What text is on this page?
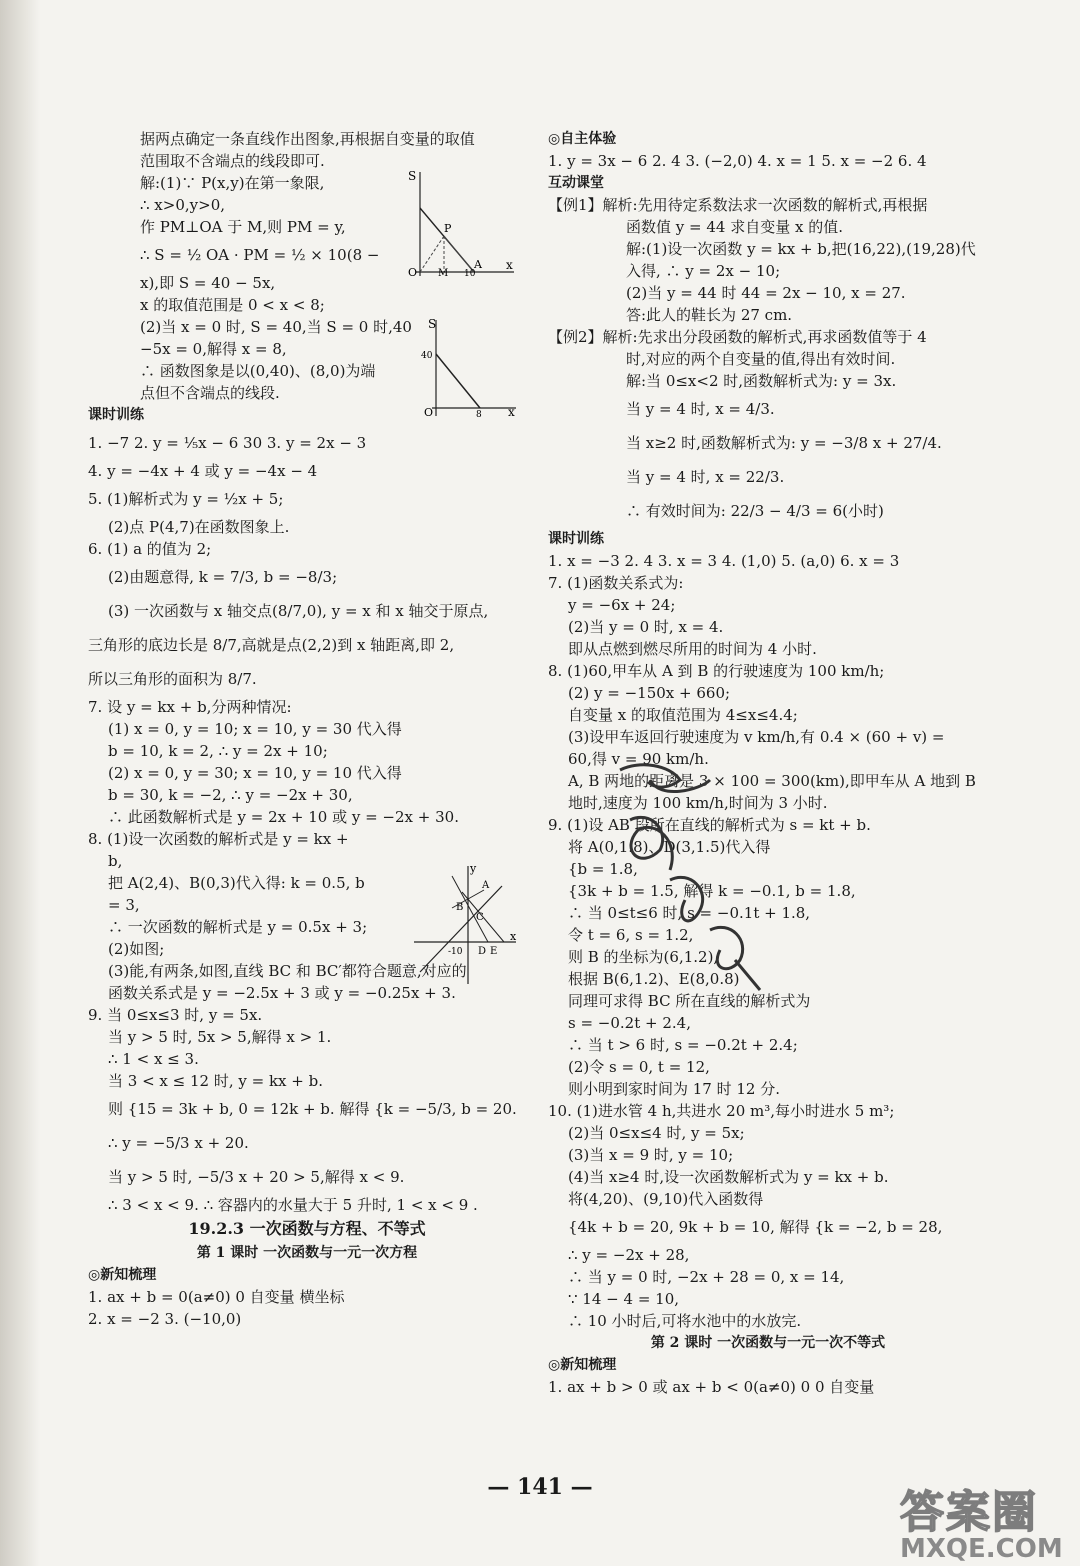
据两点确定一条直线作出图象,再根据自变量的取值
范围取不含端点的线段即可.
解:(1)∵ P(x,y)在第一象限,
∴ x>0,y>0,
作 PM⊥OA 于 M,则 PM = y,
∴ S = ½ OA · PM = ½ × 10(8 −
x),即 S = 40 − 5x,
x 的取值范围是 0 < x < 8;
(2)当 x = 0 时, S = 40,当 S = 0 时,40
−5x = 0,解得 x = 8,
∴ 函数图象是以(0,40)、(8,0)为端
点但不含端点的线段.
课时训练
1. −7 2. y = ⅕x − 6 30 3. y = 2x − 3
4. y = −4x + 4 或 y = −4x − 4
5. (1)解析式为 y = ½x + 5;
(2)点 P(4,7)在函数图象上.
6. (1) a 的值为 2;
(2)由题意得, k = 7/3, b = −8/3;
(3) 一次函数与 x 轴交点(8/7,0), y = x 和 x 轴交于原点,
三角形的底边长是 8/7,高就是点(2,2)到 x 轴距离,即 2,
所以三角形的面积为 8/7.
7. 设 y = kx + b,分两种情况:
(1) x = 0, y = 10; x = 10, y = 30 代入得
b = 10, k = 2, ∴ y = 2x + 10;
(2) x = 0, y = 30; x = 10, y = 10 代入得
b = 30, k = −2, ∴ y = −2x + 30,
∴ 此函数解析式是 y = 2x + 10 或 y = −2x + 30.
8. (1)设一次函数的解析式是 y = kx +
b,
把 A(2,4)、B(0,3)代入得: k = 0.5, b
= 3,
∴ 一次函数的解析式是 y = 0.5x + 3;
(2)如图;
(3)能,有两条,如图,直线 BC 和 BC′都符合题意,对应的
函数关系式是 y = −2.5x + 3 或 y = −0.25x + 3.
9. 当 0≤x≤3 时, y = 5x.
当 y > 5 时, 5x > 5,解得 x > 1.
∴ 1 < x ≤ 3.
当 3 < x ≤ 12 时, y = kx + b.
则 {15 = 3k + b, 0 = 12k + b. 解得 {k = −5/3, b = 20.
∴ y = −5/3 x + 20.
当 y > 5 时, −5/3 x + 20 > 5,解得 x < 9.
∴ 3 < x < 9. ∴ 容器内的水量大于 5 升时, 1 < x < 9 .
19.2.3 一次函数与方程、不等式
第 1 课时 一次函数与一元一次方程
◎新知梳理
1. ax + b = 0(a≠0) 0 自变量 横坐标
2. x = −2 3. (−10,0)
◎自主体验
1. y = 3x − 6 2. 4 3. (−2,0) 4. x = 1 5. x = −2 6. 4
互动课堂
【例1】解析:先用待定系数法求一次函数的解析式,再根据
函数值 y = 44 求自变量 x 的值.
解:(1)设一次函数 y = kx + b,把(16,22),(19,28)代
入得, ∴ y = 2x − 10;
(2)当 y = 44 时 44 = 2x − 10, x = 27.
答:此人的鞋长为 27 cm.
【例2】解析:先求出分段函数的解析式,再求函数值等于 4
时,对应的两个自变量的值,得出有效时间.
解:当 0≤x<2 时,函数解析式为: y = 3x.
当 y = 4 时, x = 4/3.
当 x≥2 时,函数解析式为: y = −3/8 x + 27/4.
当 y = 4 时, x = 22/3.
∴ 有效时间为: 22/3 − 4/3 = 6(小时)
课时训练
1. x = −3 2. 4 3. x = 3 4. (1,0) 5. (a,0) 6. x = 3
7. (1)函数关系式为:
y = −6x + 24;
(2)当 y = 0 时, x = 4.
即从点燃到燃尽所用的时间为 4 小时.
8. (1)60,甲车从 A 到 B 的行驶速度为 100 km/h;
(2) y = −150x + 660;
自变量 x 的取值范围为 4≤x≤4.4;
(3)设甲车返回行驶速度为 v km/h,有 0.4 × (60 + v) =
60,得 v = 90 km/h.
A, B 两地的距离是 3 × 100 = 300(km),即甲车从 A 地到 B
地时,速度为 100 km/h,时间为 3 小时.
9. (1)设 AB 段所在直线的解析式为 s = kt + b.
将 A(0,1.8)、D(3,1.5)代入得
{b = 1.8,
{3k + b = 1.5, 解得 k = −0.1, b = 1.8,
∴ 当 0≤t≤6 时, s = −0.1t + 1.8,
令 t = 6, s = 1.2,
则 B 的坐标为(6,1.2),
根据 B(6,1.2)、E(8,0.8)
同理可求得 BC 所在直线的解析式为
s = −0.2t + 2.4,
∴ 当 t > 6 时, s = −0.2t + 2.4;
(2)令 s = 0, t = 12,
则小明到家时间为 17 时 12 分.
10. (1)进水管 4 h,共进水 20 m³,每小时进水 5 m³;
(2)当 0≤x≤4 时, y = 5x;
(3)当 x = 9 时, y = 10;
(4)当 x≥4 时,设一次函数解析式为 y = kx + b.
将(4,20)、(9,10)代入函数得
{4k + b = 20, 9k + b = 10, 解得 {k = −2, b = 28,
∴ y = −2x + 28,
∴ 当 y = 0 时, −2x + 28 = 0, x = 14,
∵ 14 − 4 = 10,
∴ 10 小时后,可将水池中的水放完.
第 2 课时 一次函数与一元一次不等式
◎新知梳理
1. ax + b > 0 或 ax + b < 0(a≠0) 0 0 自变量
S
x
O
P
M
A
10
S
x
O
40
8
y
x
A
B
C
D E
-10
— 141 —	答案圈
MXQE.COM
